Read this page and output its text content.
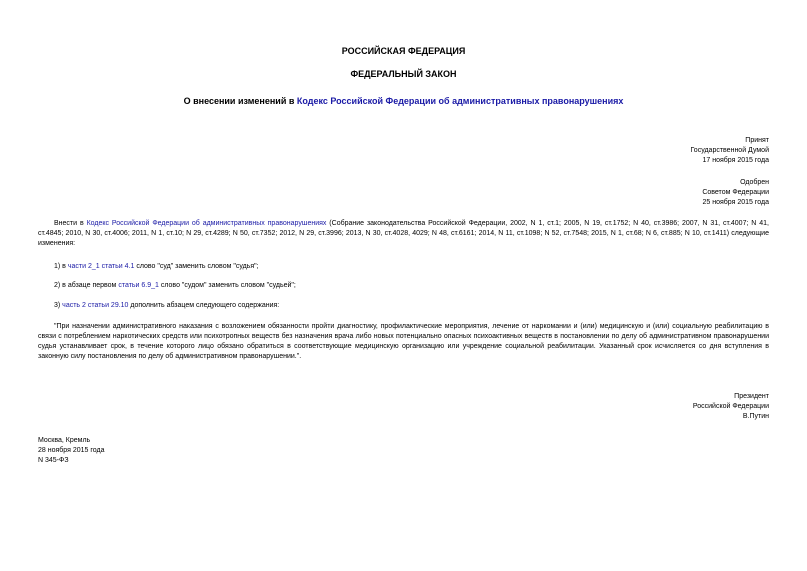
РОССИЙСКАЯ ФЕДЕРАЦИЯ
ФЕДЕРАЛЬНЫЙ ЗАКОН
О внесении изменений в Кодекс Российской Федерации об административных правонарушениях
Принят
Государственной Думой
17 ноября 2015 года
Одобрен
Советом Федерации
25 ноября 2015 года
Внести в Кодекс Российской Федерации об административных правонарушениях (Собрание законодательства Российской Федерации, 2002, N 1, ст.1; 2005, N 19, ст.1752; N 40, ст.3986; 2007, N 31, ст.4007; N 41, ст.4845; 2010, N 30, ст.4006; 2011, N 1, ст.10; N 29, ст.4289; N 50, ст.7352; 2012, N 29, ст.3996; 2013, N 30, ст.4028, 4029; N 48, ст.6161; 2014, N 11, ст.1098; N 52, ст.7548; 2015, N 1, ст.68; N 6, ст.885; N 10, ст.1411) следующие изменения:
1) в части 2_1 статьи 4.1 слово "суд" заменить словом "судья";
2) в абзаце первом статьи 6.9_1 слово "судом" заменить словом "судьей";
3) часть 2 статьи 29.10 дополнить абзацем следующего содержания:
"При назначении административного наказания с возложением обязанности пройти диагностику, профилактические мероприятия, лечение от наркомании и (или) медицинскую и (или) социальную реабилитацию в связи с потреблением наркотических средств или психотропных веществ без назначения врача либо новых потенциально опасных психоактивных веществ в постановлении по делу об административном правонарушении судья устанавливает срок, в течение которого лицо обязано обратиться в соответствующие медицинскую организацию или учреждение социальной реабилитации. Указанный срок исчисляется со дня вступления в законную силу постановления по делу об административном правонарушении.".
Президент
Российской Федерации
В.Путин
Москва, Кремль
28 ноября 2015 года
N 345-ФЗ
